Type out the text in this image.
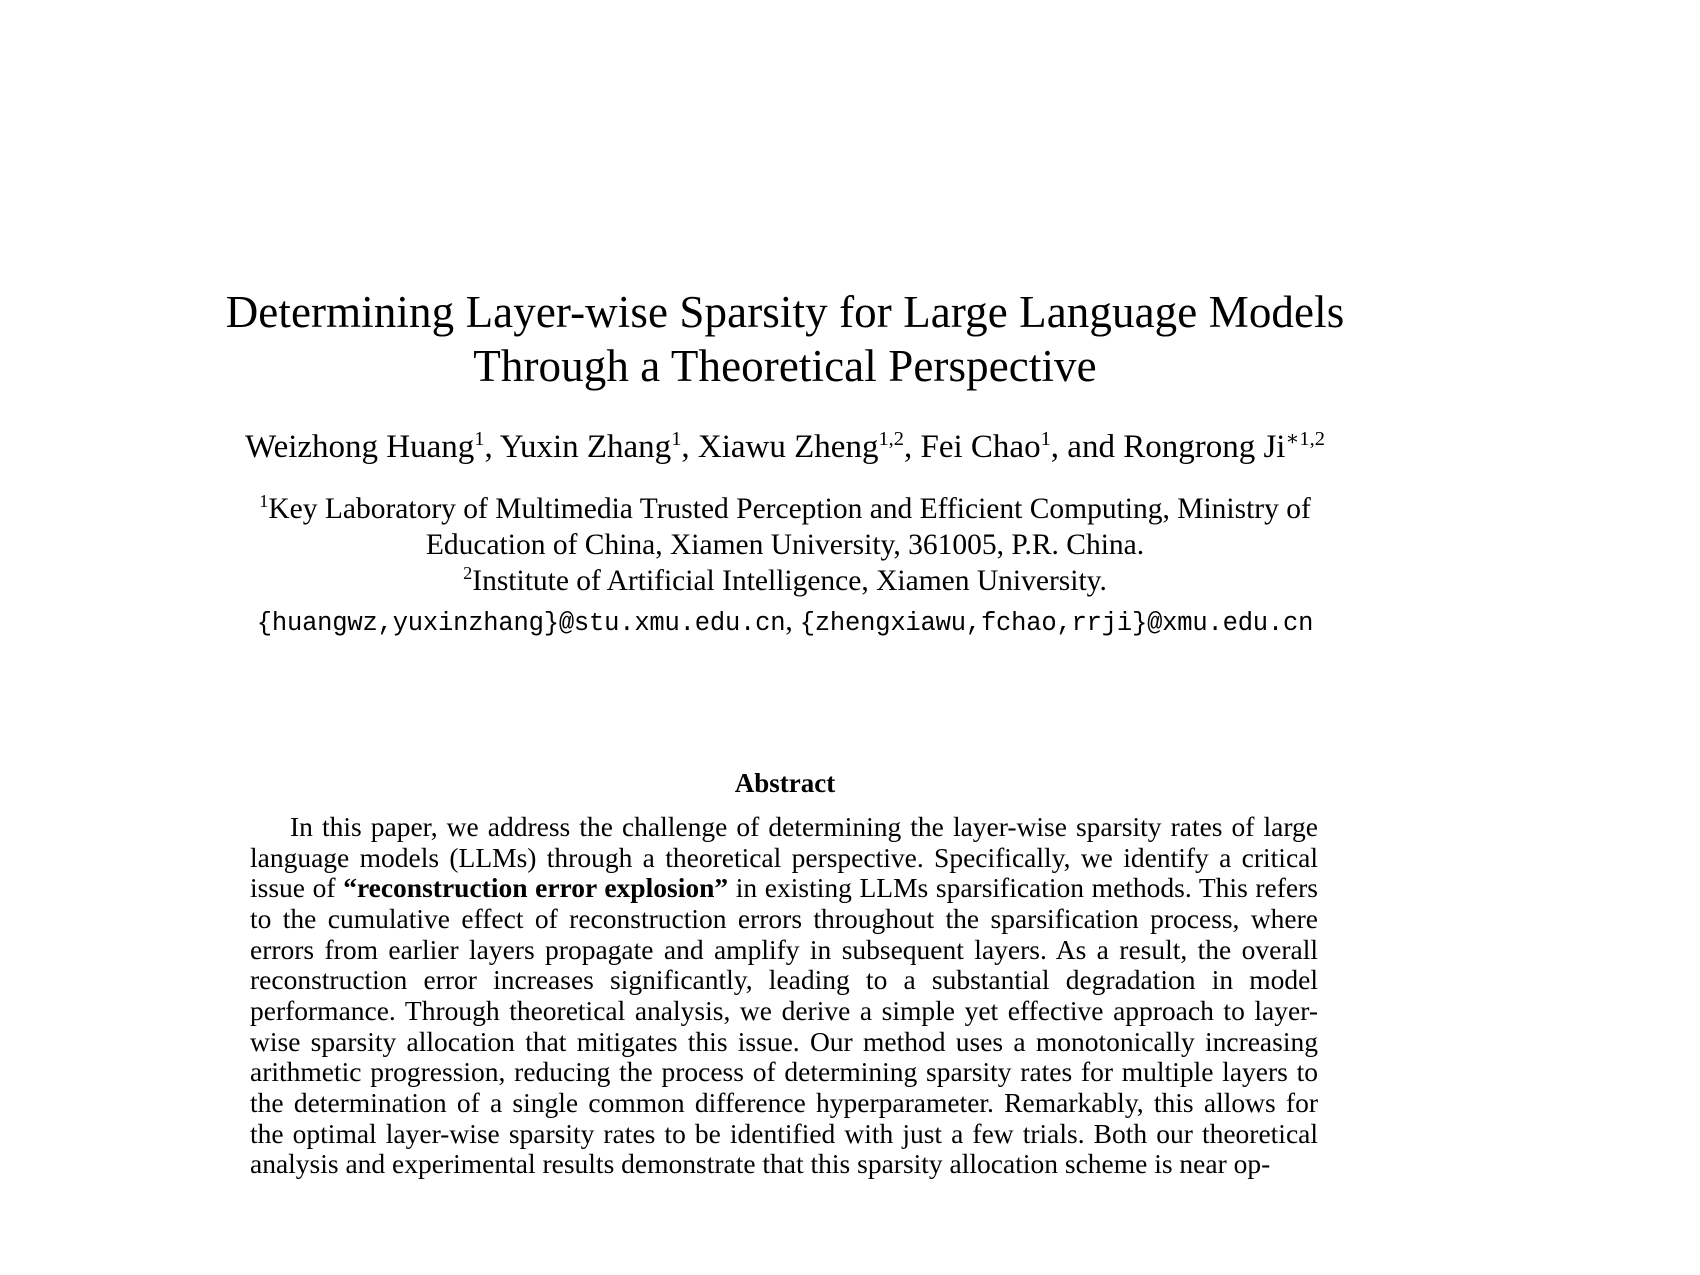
Determining Layer-wise Sparsity for Large Language Models
Through a Theoretical Perspective
Weizhong Huang$^1$, Yuxin Zhang$^1$, Xiawu Zheng$^{1,2}$, Fei Chao$^1$, and Rongrong $Ji^{∗1,2}$
$^1$Key Laboratory of Multimedia Trusted Perception and Efficient Computing, Ministry of
Education of China, Xiamen University, 361005, P.R. China.
$^2$Institute of Artificial Intelligence, Xiamen University.
{huangwz,yuxinzhang}@stu.xmu.edu.cn, {zhengxiawu,fchao,rrji}@xmu.edu.cn
Abstract

In this paper, we address the challenge of determining the layer-wise sparsity rates of large language models (LLMs) through a theoretical perspective. Specifically, we identify a critical issue of “reconstruction error explosion” in existing LLMs sparsification methods. This refers to the cumulative effect of reconstruction errors throughout the sparsification process, where errors from earlier layers propagate and amplify in subsequent layers. As a result, the overall reconstruction error increases significantly, leading to a substantial degradation in model performance. Through theoretical analysis, we derive a simple yet effective approach to layer-wise sparsity allocation that mitigates this issue. Our method uses a monotonically increasing arithmetic progression, reducing the process of determining sparsity rates for multiple layers to the determination of a single common difference hyperparameter. Remarkably, this allows for the optimal layer-wise sparsity rates to be identified with just a few trials. Both our theoretical analysis and experimental results demonstrate that this sparsity allocation scheme is near op-
